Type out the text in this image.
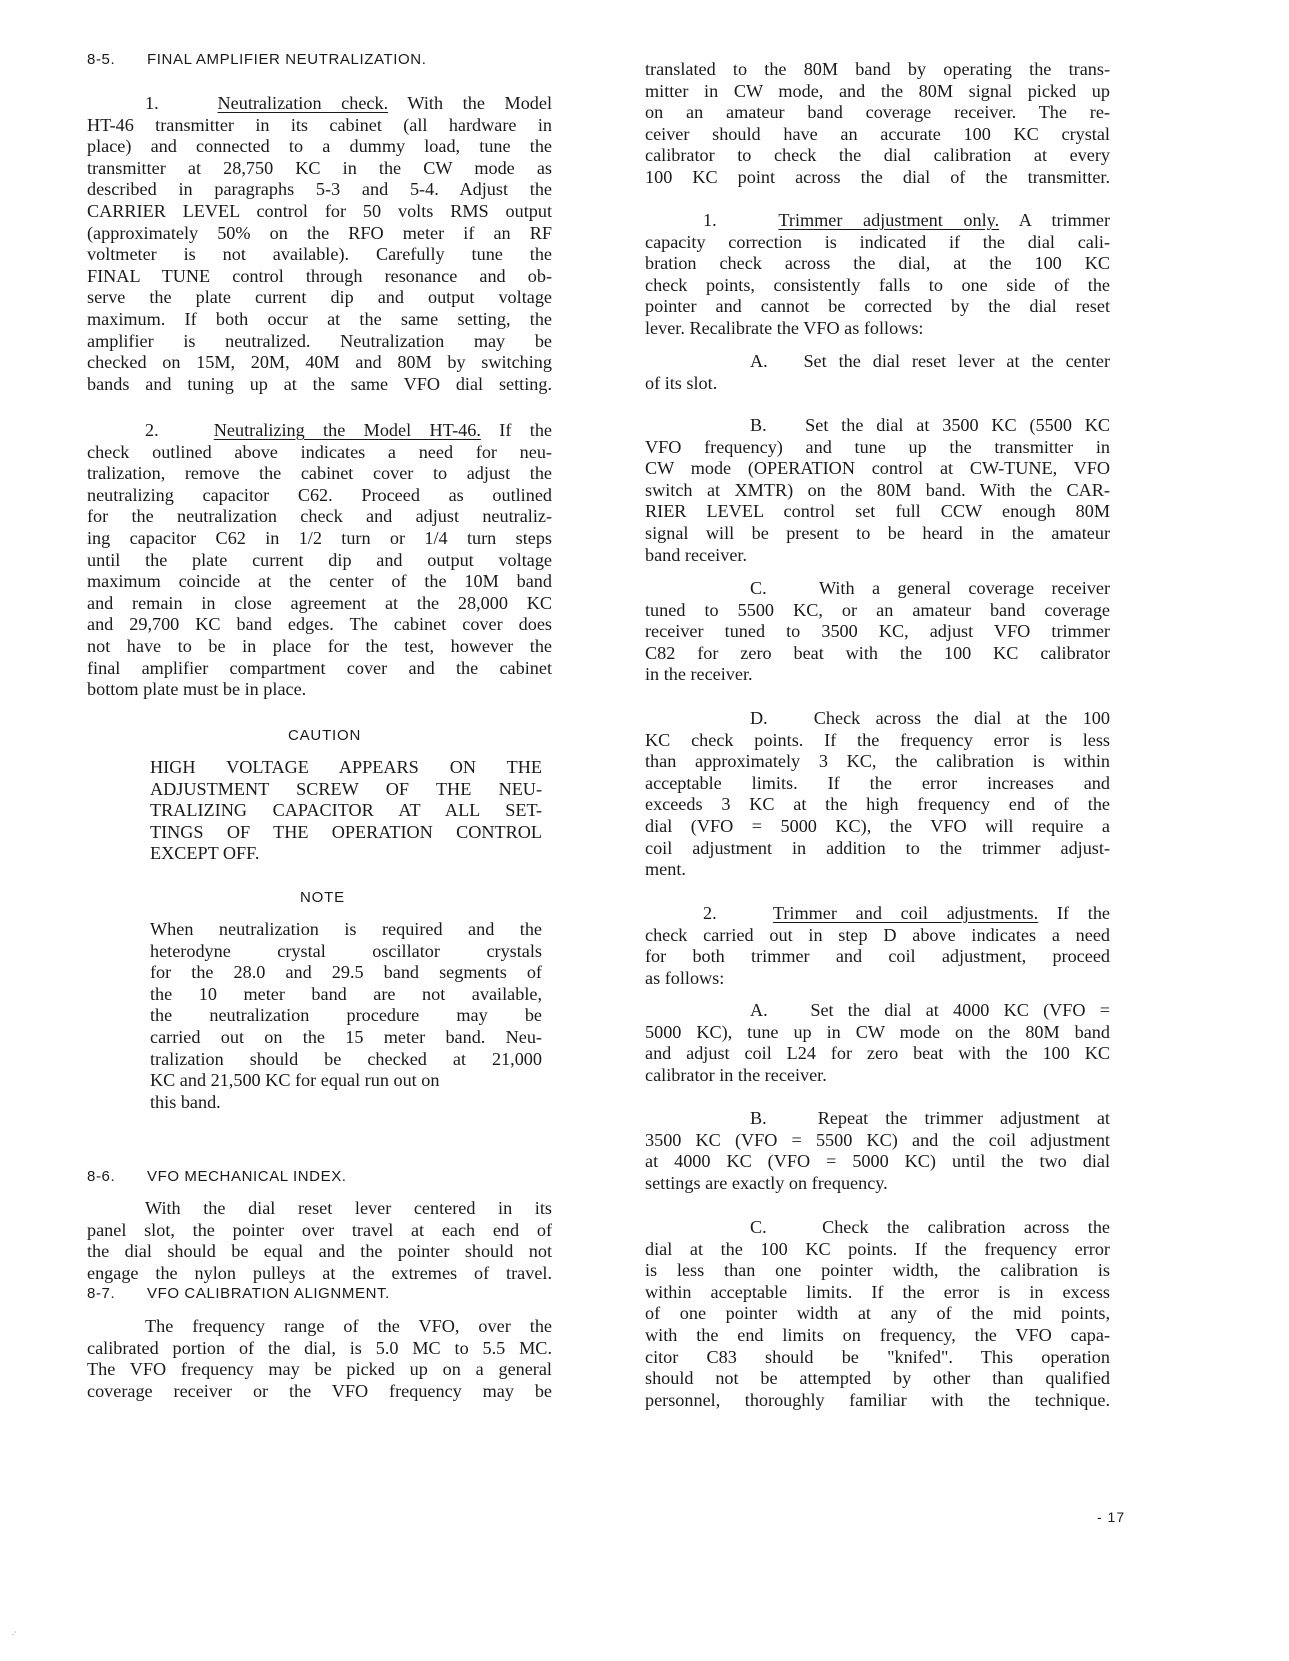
8-5. FINAL AMPLIFIER NEUTRALIZATION.
1.	Neutralization check. With the Model
HT-46 transmitter in its cabinet (all hardware in
place) and connected to a dummy load, tune the
transmitter at 28,750 KC in the CW mode as
described in paragraphs 5-3 and 5-4. Adjust the
CARRIER LEVEL control for 50 volts RMS output
(approximately 50% on the RFO meter if an RF
voltmeter is not available). Carefully tune the
FINAL TUNE control through resonance and ob-
serve the plate current dip and output voltage
maximum. If both occur at the same setting, the
amplifier is neutralized. Neutralization may be
checked on 15M, 20M, 40M and 80M by switching
bands and tuning up at the same VFO dial setting.
2.	Neutralizing the Model HT-46. If the
check outlined above indicates a need for neu-
tralization, remove the cabinet cover to adjust the
neutralizing capacitor C62. Proceed as outlined
for the neutralization check and adjust neutraliz-
ing capacitor C62 in 1/2 turn or 1/4 turn steps
until the plate current dip and output voltage
maximum coincide at the center of the 10M band
and remain in close agreement at the 28,000 KC
and 29,700 KC band edges. The cabinet cover does
not have to be in place for the test, however the
final amplifier compartment cover and the cabinet
bottom plate must be in place.
CAUTION
HIGH VOLTAGE APPEARS ON THE
ADJUSTMENT SCREW OF THE NEU-
TRALIZING CAPACITOR AT ALL SET-
TINGS OF THE OPERATION CONTROL
EXCEPT OFF.
NOTE
When neutralization is required and the
heterodyne crystal oscillator crystals
for the 28.0 and 29.5 band segments of
the 10 meter band are not available,
the neutralization procedure may be
carried out on the 15 meter band. Neu-
tralization should be checked at 21,000
KC and 21,500 KC for equal run out on
this band.
8-6. VFO MECHANICAL INDEX.
With the dial reset lever centered in its
panel slot, the pointer over travel at each end of
the dial should be equal and the pointer should not
engage the nylon pulleys at the extremes of travel.
8-7. VFO CALIBRATION ALIGNMENT.
The frequency range of the VFO, over the
calibrated portion of the dial, is 5.0 MC to 5.5 MC.
The VFO frequency may be picked up on a general
coverage receiver or the VFO frequency may be
translated to the 80M band by operating the trans-
mitter in CW mode, and the 80M signal picked up
on an amateur band coverage receiver. The re-
ceiver should have an accurate 100 KC crystal
calibrator to check the dial calibration at every
100 KC point across the dial of the transmitter.
1.	Trimmer adjustment only. A trimmer
capacity correction is indicated if the dial cali-
bration check across the dial, at the 100 KC
check points, consistently falls to one side of the
pointer and cannot be corrected by the dial reset
lever. Recalibrate the VFO as follows:
A. Set the dial reset lever at the center
of its slot.
B. Set the dial at 3500 KC (5500 KC
VFO frequency) and tune up the transmitter in
CW mode (OPERATION control at CW-TUNE, VFO
switch at XMTR) on the 80M band. With the CAR-
RIER LEVEL control set full CCW enough 80M
signal will be present to be heard in the amateur
band receiver.
C.	With a general coverage receiver
tuned to 5500 KC, or an amateur band coverage
receiver tuned to 3500 KC, adjust VFO trimmer
C82 for zero beat with the 100 KC calibrator
in the receiver.
D.	Check across the dial at the 100
KC check points. If the frequency error is less
than approximately 3 KC, the calibration is within
acceptable limits. If the error increases and
exceeds 3 KC at the high frequency end of the
dial (VFO = 5000 KC), the VFO will require a
coil adjustment in addition to the trimmer adjust-
ment.
2.	Trimmer and coil adjustments. If the
check carried out in step D above indicates a need
for both trimmer and coil adjustment, proceed
as follows:
A. Set the dial at 4000 KC (VFO =
5000 KC), tune up in CW mode on the 80M band
and adjust coil L24 for zero beat with the 100 KC
calibrator in the receiver.
B.	Repeat the trimmer adjustment at
3500 KC (VFO = 5500 KC) and the coil adjustment
at 4000 KC (VFO = 5000 KC) until the two dial
settings are exactly on frequency.
C.	Check the calibration across the
dial at the 100 KC points. If the frequency error
is less than one pointer width, the calibration is
within acceptable limits. If the error is in excess
of one pointer width at any of the mid points,
with the end limits on frequency, the VFO capa-
citor C83 should be "knifed". This operation
should not be attempted by other than qualified
personnel, thoroughly familiar with the technique.
- 17
.·
